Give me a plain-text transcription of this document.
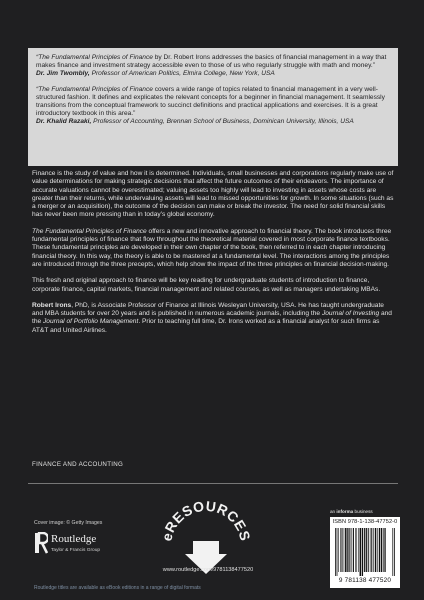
“The Fundamental Principles of Finance by Dr. Robert Irons addresses the basics of financial management in a way that makes finance and investment strategy accessible even to those of us who regularly struggle with math and money.”
Dr. Jim Twombly, Professor of American Politics, Elmira College, New York, USA
“The Fundamental Principles of Finance covers a wide range of topics related to financial management in a very well-structured fashion. It defines and explicates the relevant concepts for a beginner in financial management. It seamlessly transitions from the conceptual framework to succinct definitions and practical applications and exercises. It is a great introductory textbook in this area.”
Dr. Khalid Razaki, Professor of Accounting, Brennan School of Business, Dominican University, Illinois, USA

Finance is the study of value and how it is determined. Individuals, small businesses and corporations regularly make use of value determinations for making strategic decisions that affect the future outcomes of their endeavors. The importance of accurate valuations cannot be overestimated; valuing assets too highly will lead to investing in assets whose costs are greater than their returns, while undervaluing assets will lead to missed opportunities for growth. In some situations (such as a merger or an acquisition), the outcome of the decision can make or break the investor. The need for solid financial skills has never been more pressing than in today’s global economy.

The Fundamental Principles of Finance offers a new and innovative approach to financial theory. The book introduces three fundamental principles of finance that flow throughout the theoretical material covered in most corporate finance textbooks. These fundamental principles are developed in their own chapter of the book, then referred to in each chapter introducing financial theory. In this way, the theory is able to be mastered at a fundamental level. The interactions among the principles are introduced through the three precepts, which help show the impact of the three principles on financial decision-making.

This fresh and original approach to finance will be key reading for undergraduate students of introduction to finance, corporate finance, capital markets, financial management and related courses, as well as managers undertaking MBAs.

Robert Irons, PhD, is Associate Professor of Finance at Illinois Wesleyan University, USA. He has taught undergraduate and MBA students for over 20 years and is published in numerous academic journals, including the Journal of Investing and the Journal of Portfolio Management. Prior to teaching full time, Dr. Irons worked as a financial analyst for such firms as AT&T and United Airlines.

FINANCE AND ACCOUNTING
Cover image: © Getty Images
Routledge
Taylor & Francis Group
eRESOURCES
www.routledge.com/9781138477520
Routledge titles are available as eBook editions in a range of digital formats
an informa business
ISBN 978-1-138-47752-0
9 781138 477520
